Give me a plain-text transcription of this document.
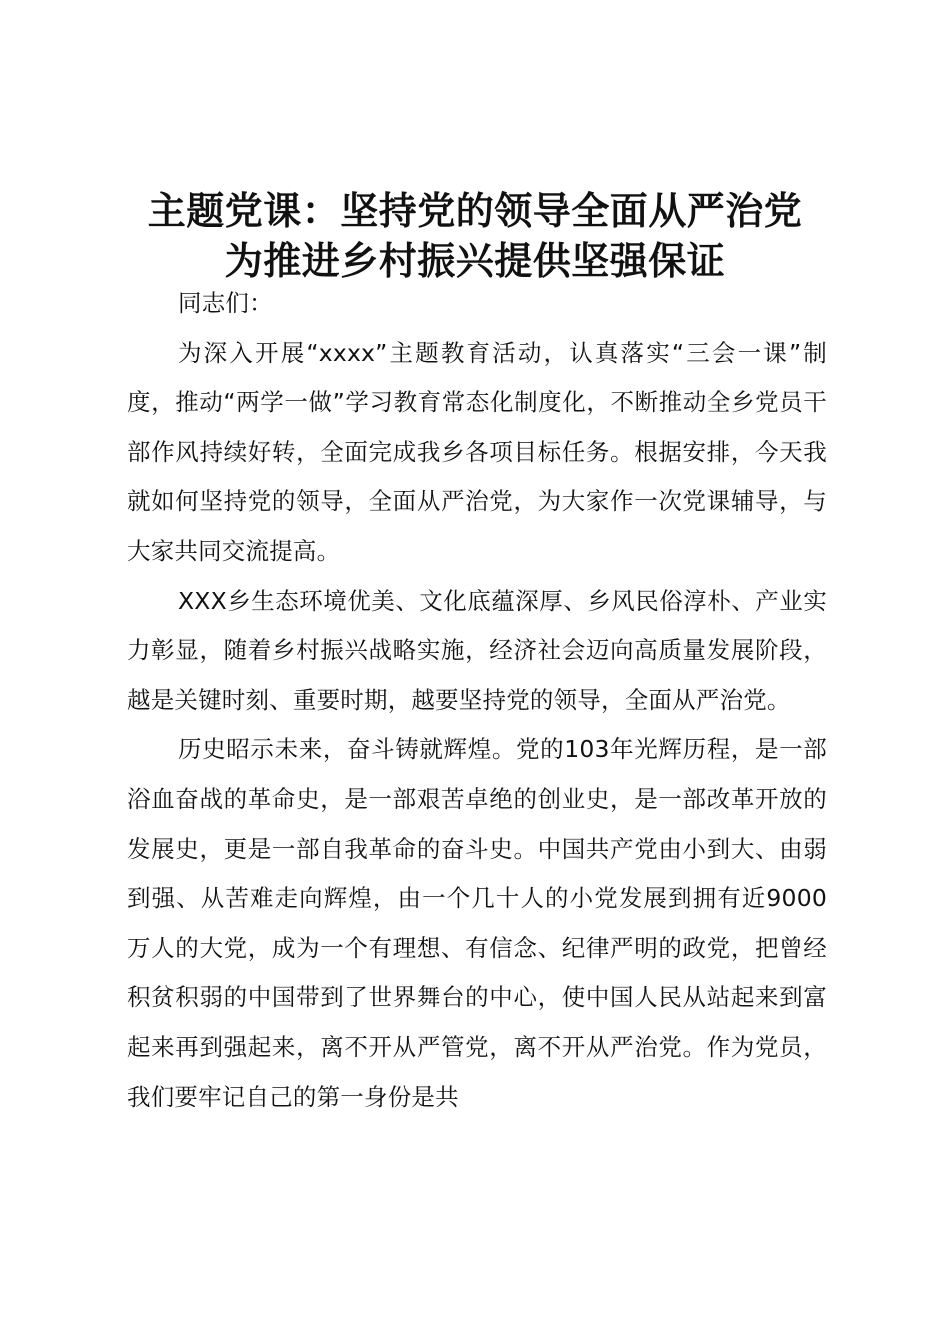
主题党课：坚持党的领导全面从严治党
为推进乡村振兴提供坚强保证

同志们：

为深入开展“xxxx”主题教育活动，认真落实“三会一课”制度，推动“两学一做”学习教育常态化制度化，不断推动全乡党员干部作风持续好转，全面完成我乡各项目标任务。根据安排，今天我就如何坚持党的领导，全面从严治党，为大家作一次党课辅导，与大家共同交流提高。

XXX乡生态环境优美、文化底蕴深厚、乡风民俗淳朴、产业实力彰显，随着乡村振兴战略实施，经济社会迈向高质量发展阶段，越是关键时刻、重要时期，越要坚持党的领导，全面从严治党。

历史昭示未来，奋斗铸就辉煌。党的103年光辉历程，是一部浴血奋战的革命史，是一部艰苦卓绝的创业史，是一部改革开放的发展史，更是一部自我革命的奋斗史。中国共产党由小到大、由弱到强、从苦难走向辉煌，由一个几十人的小党发展到拥有近9000万人的大党，成为一个有理想、有信念、纪律严明的政党，把曾经积贫积弱的中国带到了世界舞台的中心，使中国人民从站起来到富起来再到强起来，离不开从严管党，离不开从严治党。作为党员，我们要牢记自己的第一身份是共
